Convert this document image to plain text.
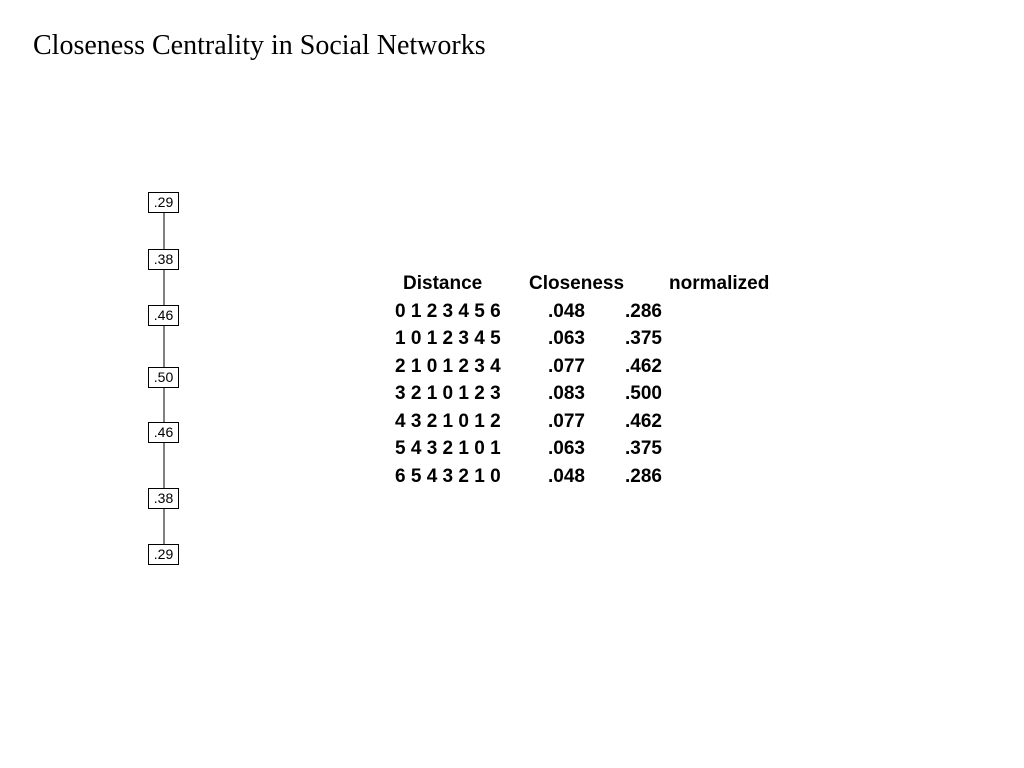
Closeness Centrality in Social Networks
.29
.38
.46
.50
.46
.38
.29
Distance Closeness normalized
0 1 2 3 4 5 6 .048 .286
1 0 1 2 3 4 5 .063 .375
2 1 0 1 2 3 4 .077 .462
3 2 1 0 1 2 3 .083 .500
4 3 2 1 0 1 2 .077 .462
5 4 3 2 1 0 1 .063 .375
6 5 4 3 2 1 0 .048 .286
